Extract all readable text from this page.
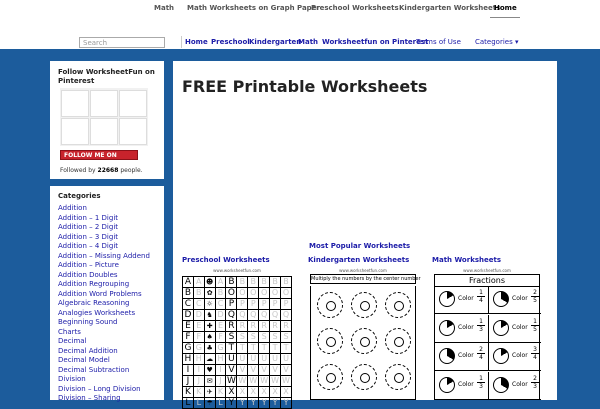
Math Math Worksheets on Graph Paper
Preschool Worksheets Kindergarten Worksheets
Home
Search
Home Preschool Kindergarten
Math Worksheetfun on Pinterest
Terms of Use Categories ▾
Follow WorksheetFun on Pinterest
FOLLOW ME ON Pinterest
Followed by 22668 people.
Categories
Addition
Addition – 1 Digit
Addition – 2 Digit
Addition – 3 Digit
Addition – 4 Digit
Addition – Missing Addend
Addition – Picture
Addition Doubles
Addition Regrouping
Addition Word Problems
Algebraic Reasoning
Analogies Worksheets
Beginning Sound
Charts
Decimal
Decimal Addition
Decimal Model
Decimal Subtraction
Division
Division – Long Division
Division – Sharing
FREE Printable Worksheets
Most Popular Worksheets
Preschool Worksheets	Kindergarten Worksheets	Math Worksheets
www.worksheetfun.com
A	A	☻	A	B	B	B	B	B	B
B	B	✿	B	O	O	O	O	O	O
C	C	☼	C	P	P	P	P	P	P
D	D	♞	D	Q	Q	Q	Q	Q	Q
E	E	✚	E	R	R	R	R	R	R
F	F	♠	F	S	S	S	S	S	S
G	G	♣	G	T	T	T	T	T	T
H	H	☁	H	U	U	U	U	U	U
I	I	♥	I	V	V	V	V	V	V
J	J	✉	J	W	W	W	W	W	W
K	K	✈	K	X	X	X	X	X	X
L	L	☂	L	Y	Y	Y	Y	Y	Y
www.worksheetfun.com
Multiply the numbers by the center number
www.worksheetfun.com
Fractions
Color $\frac{1}{4}$	Color $\frac{2}{5}$
Color $\frac{1}{3}$	Color $\frac{1}{5}$
Color $\frac{2}{4}$	Color $\frac{3}{4}$
Color $\frac{1}{3}$	Color $\frac{2}{3}$
